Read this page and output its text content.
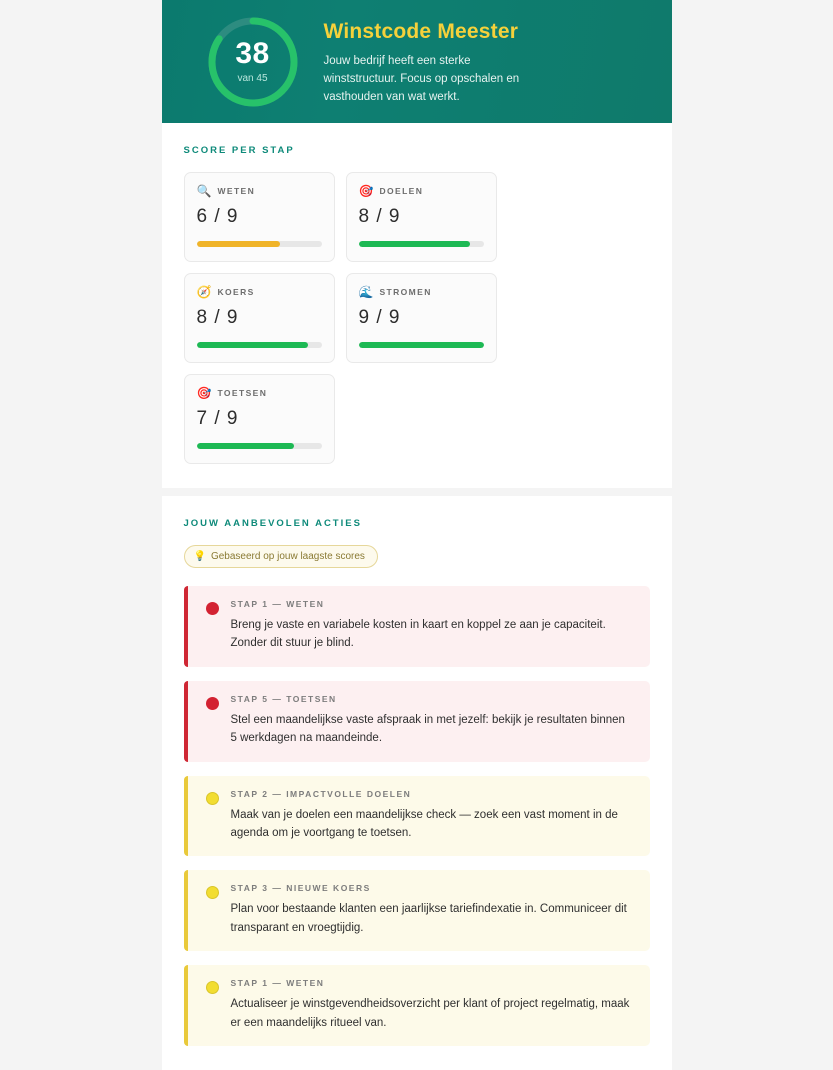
38
van 45
Winstcode Meester
Jouw bedrijf heeft een sterke winststructuur. Focus op opschalen en vasthouden van wat werkt.
SCORE PER STAP
🔍 WETEN
6 / 9
🎯 DOELEN
8 / 9
🧭 KOERS
8 / 9
🌊 STROMEN
9 / 9
🎯 TOETSEN
7 / 9
JOUW AANBEVOLEN ACTIES
💡 Gebaseerd op jouw laagste scores
STAP 1 — WETEN
Breng je vaste en variabele kosten in kaart en koppel ze aan je capaciteit. Zonder dit stuur je blind.
STAP 5 — TOETSEN
Stel een maandelijkse vaste afspraak in met jezelf: bekijk je resultaten binnen 5 werkdagen na maandeinde.
STAP 2 — IMPACTVOLLE DOELEN
Maak van je doelen een maandelijkse check — zoek een vast moment in de agenda om je voortgang te toetsen.
STAP 3 — NIEUWE KOERS
Plan voor bestaande klanten een jaarlijkse tariefindexatie in. Communiceer dit transparant en vroegtijdig.
STAP 1 — WETEN
Actualiseer je winstgevendheidsoverzicht per klant of project regelmatig, maak er een maandelijks ritueel van.
